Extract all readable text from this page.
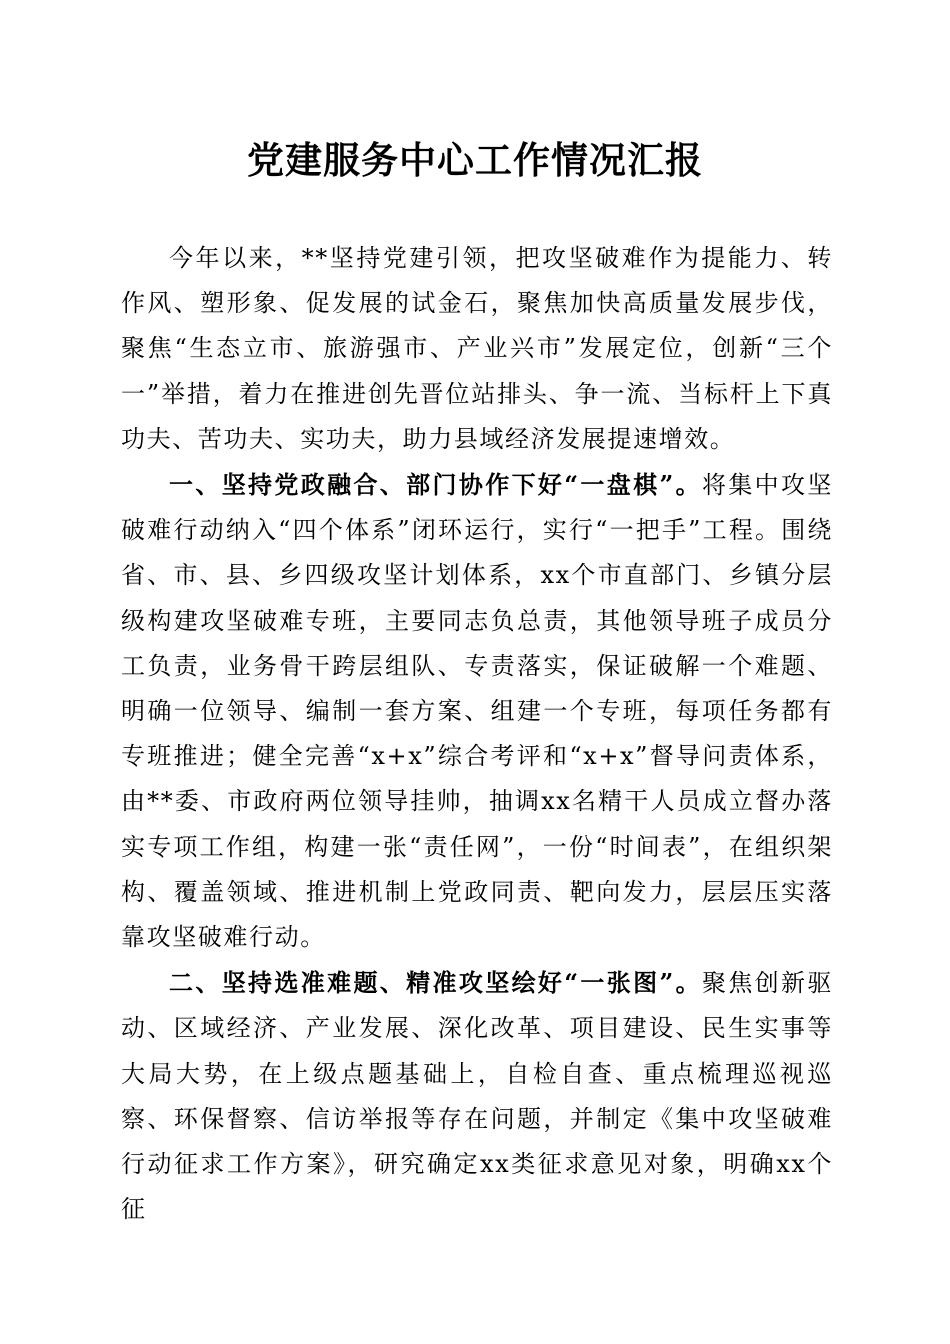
党建服务中心工作情况汇报

今年以来，**坚持党建引领，把攻坚破难作为提能力、转作风、塑形象、促发展的试金石，聚焦加快高质量发展步伐，聚焦“生态立市、旅游强市、产业兴市”发展定位，创新“三个一”举措，着力在推进创先晋位站排头、争一流、当标杆上下真功夫、苦功夫、实功夫，助力县域经济发展提速增效。

一、坚持党政融合、部门协作下好“一盘棋”。将集中攻坚破难行动纳入“四个体系”闭环运行，实行“一把手”工程。围绕省、市、县、乡四级攻坚计划体系，xx个市直部门、乡镇分层级构建攻坚破难专班，主要同志负总责，其他领导班子成员分工负责，业务骨干跨层组队、专责落实，保证破解一个难题、明确一位领导、编制一套方案、组建一个专班，每项任务都有专班推进；健全完善“x+x”综合考评和“x+x”督导问责体系，由**委、市政府两位领导挂帅，抽调xx名精干人员成立督办落实专项工作组，构建一张“责任网”，一份“时间表”，在组织架构、覆盖领域、推进机制上党政同责、靶向发力，层层压实落靠攻坚破难行动。

二、坚持选准难题、精准攻坚绘好“一张图”。聚焦创新驱动、区域经济、产业发展、深化改革、项目建设、民生实事等大局大势，在上级点题基础上，自检自查、重点梳理巡视巡察、环保督察、信访举报等存在问题，并制定《集中攻坚破难行动征求工作方案》，研究确定xx类征求意见对象，明确xx个征
